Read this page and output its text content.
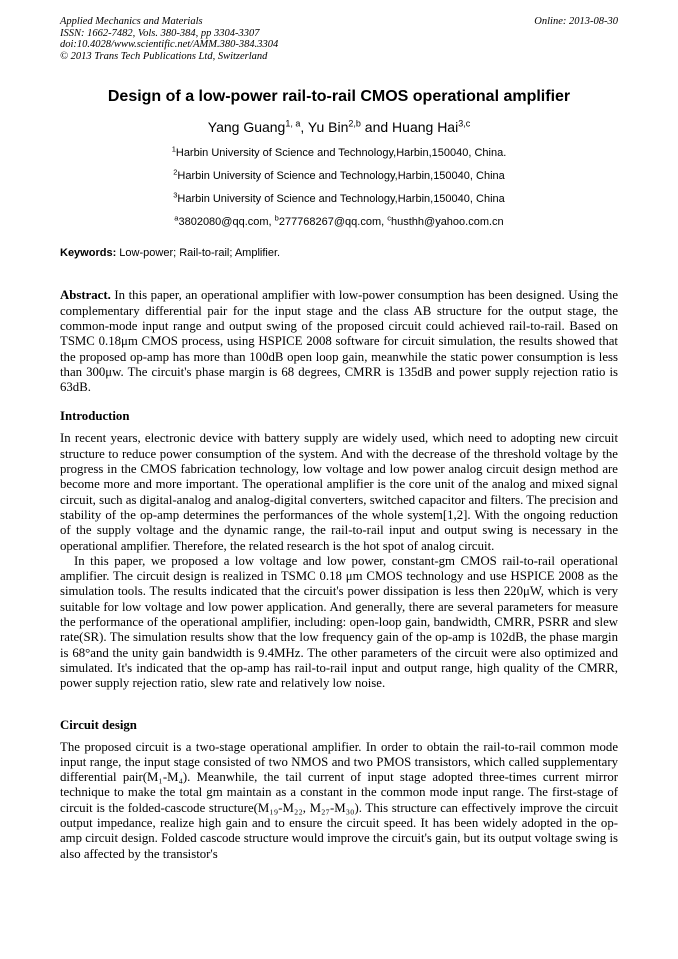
Applied Mechanics and Materials
ISSN: 1662-7482, Vols. 380-384, pp 3304-3307
doi:10.4028/www.scientific.net/AMM.380-384.3304
© 2013 Trans Tech Publications Ltd, Switzerland
Online: 2013-08-30
Design of a low-power rail-to-rail CMOS operational amplifier
Yang Guang$^{1, a}$, Yu Bin$^{2,b}$ and Huang Hai$^{3,c}$
$^1$Harbin University of Science and Technology,Harbin,150040, China.
$^2$Harbin University of Science and Technology,Harbin,150040, China
$^3$Harbin University of Science and Technology,Harbin,150040, China
$^a$3802080@qq.com, $^b$277768267@qq.com, $^c$husthh@yahoo.com.cn
Keywords: Low-power; Rail-to-rail; Amplifier.

Abstract. In this paper, an operational amplifier with low-power consumption has been designed. Using the complementary differential pair for the input stage and the class AB structure for the output stage, the common-mode input range and output swing of the proposed circuit could achieved rail-to-rail. Based on TSMC 0.18μm CMOS process, using HSPICE 2008 software for circuit simulation, the results showed that the proposed op-amp has more than 100dB open loop gain, meanwhile the static power consumption is less than 300μw. The circuit's phase margin is 68 degrees, CMRR is 135dB and power supply rejection ratio is 63dB.

Introduction

In recent years, electronic device with battery supply are widely used, which need to adopting new circuit structure to reduce power consumption of the system. And with the decrease of the threshold voltage by the progress in the CMOS fabrication technology, low voltage and low power analog circuit design method are become more and more important. The operational amplifier is the core unit of the analog and mixed signal circuit, such as digital-analog and analog-digital converters, switched capacitor and filters. The precision and stability of the op-amp determines the performances of the whole system[1,2]. With the ongoing reduction of the supply voltage and the dynamic range, the rail-to-rail input and output swing is necessary in the operational amplifier. Therefore, the related research is the hot spot of analog circuit.

In this paper, we proposed a low voltage and low power, constant-gm CMOS rail-to-rail operational amplifier. The circuit design is realized in TSMC 0.18 μm CMOS technology and use HSPICE 2008 as the simulation tools. The results indicated that the circuit's power dissipation is less then 220μW, which is very suitable for low voltage and low power application. And generally, there are several parameters for measure the performance of the operational amplifier, including: open-loop gain, bandwidth, CMRR, PSRR and slew rate(SR). The simulation results show that the low frequency gain of the op-amp is 102dB, the phase margin is 68°and the unity gain bandwidth is 9.4MHz. The other parameters of the circuit were also optimized and simulated. It's indicated that the op-amp has rail-to-rail input and output range, high quality of the CMRR, power supply rejection ratio, slew rate and relatively low noise.

Circuit design

The proposed circuit is a two-stage operational amplifier. In order to obtain the rail-to-rail common mode input range, the input stage consisted of two NMOS and two PMOS transistors, which called supplementary differential pair(M₁-M₄). Meanwhile, the tail current of input stage adopted three-times current mirror technique to make the total gm maintain as a constant in the common mode input range. The first-stage of circuit is the folded-cascode structure(M₁₉-M₂₂, M₂₇-M₃₀). This structure can effectively improve the circuit output impedance, realize high gain and to ensure the circuit speed. It has been widely adopted in the op-amp circuit design. Folded cascode structure would improve the circuit's gain, but its output voltage swing is also affected by the transistor's
